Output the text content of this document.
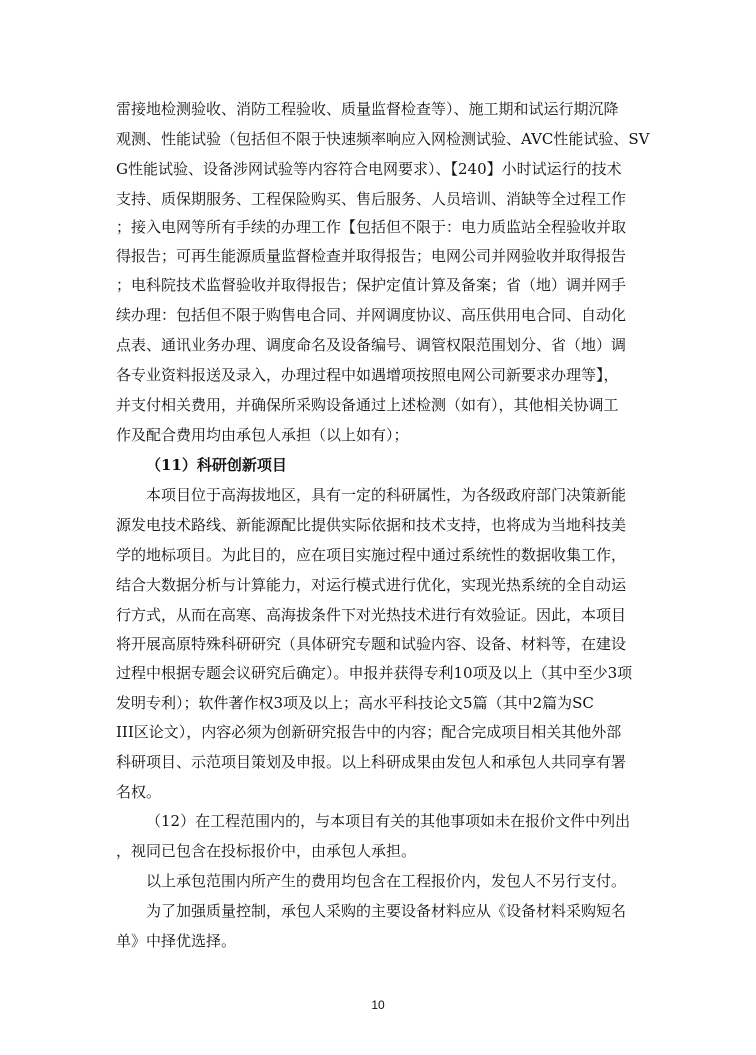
雷接地检测验收、消防工程验收、质量监督检查等）、施工期和试运行期沉降
观测、性能试验（包括但不限于快速频率响应入网检测试验、AVC性能试验、SV
G性能试验、设备涉网试验等内容符合电网要求）、【240】小时试运行的技术
支持、质保期服务、工程保险购买、售后服务、人员培训、消缺等全过程工作
；接入电网等所有手续的办理工作【包括但不限于：电力质监站全程验收并取
得报告；可再生能源质量监督检查并取得报告；电网公司并网验收并取得报告
；电科院技术监督验收并取得报告；保护定值计算及备案；省（地）调并网手
续办理：包括但不限于购售电合同、并网调度协议、高压供用电合同、自动化
点表、通讯业务办理、调度命名及设备编号、调管权限范围划分、省（地）调
各专业资料报送及录入，办理过程中如遇增项按照电网公司新要求办理等】，
并支付相关费用，并确保所采购设备通过上述检测（如有），其他相关协调工
作及配合费用均由承包人承担（以上如有）；
（11）科研创新项目
本项目位于高海拔地区，具有一定的科研属性，为各级政府部门决策新能
源发电技术路线、新能源配比提供实际依据和技术支持，也将成为当地科技美
学的地标项目。为此目的，应在项目实施过程中通过系统性的数据收集工作，
结合大数据分析与计算能力，对运行模式进行优化，实现光热系统的全自动运
行方式，从而在高寒、高海拔条件下对光热技术进行有效验证。因此，本项目
将开展高原特殊科研研究（具体研究专题和试验内容、设备、材料等，在建设
过程中根据专题会议研究后确定）。申报并获得专利10项及以上（其中至少3项
发明专利）；软件著作权3项及以上；高水平科技论文5篇（其中2篇为SC
III区论文），内容必须为创新研究报告中的内容；配合完成项目相关其他外部
科研项目、示范项目策划及申报。以上科研成果由发包人和承包人共同享有署
名权。
（12）在工程范围内的，与本项目有关的其他事项如未在报价文件中列出
，视同已包含在投标报价中，由承包人承担。
以上承包范围内所产生的费用均包含在工程报价内，发包人不另行支付。
为了加强质量控制，承包人采购的主要设备材料应从《设备材料采购短名
单》中择优选择。
10
